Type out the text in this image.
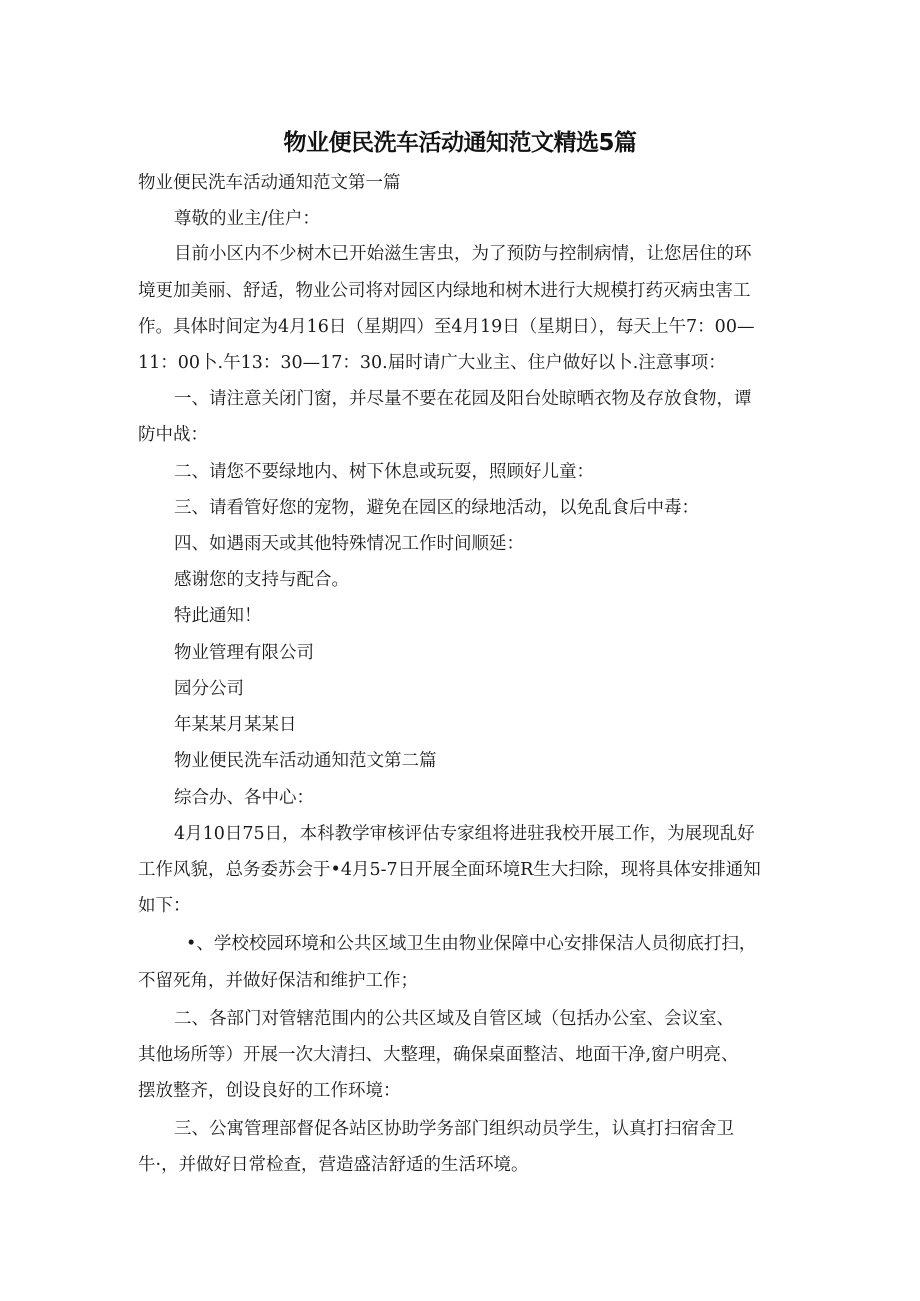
物业便民洗车活动通知范文精选5篇
物业便民洗车活动通知范文第一篇
尊敬的业主/住户：
目前小区内不少树木已开始滋生害虫，为了预防与控制病情，让您居住的环
境更加美丽、舒适，物业公司将对园区内绿地和树木进行大规模打药灭病虫害工
作。具体时间定为4月16日（星期四）至4月19日（星期日），每天上午7：00—
11：00卜.午13：30—17：30.届时请广大业主、住户做好以卜.注意事项：
一、请注意关闭门窗，并尽量不要在花园及阳台处晾晒衣物及存放食物，谭
防中战：
二、请您不要绿地内、树下休息或玩耍，照顾好儿童：
三、请看管好您的宠物，避免在园区的绿地活动，以免乱食后中毒：
四、如遇雨天或其他特殊情况工作时间顺延：
感谢您的支持与配合。
特此通知！
物业管理有限公司
园分公司
年某某月某某日
物业便民洗车活动通知范文第二篇
综合办、各中心：
4月10日75日，本科教学审核评估专家组将进驻我校开展工作，为展现乱好
工作风貌，总务委苏会于•4月5-7日开展全面环境R生大扫除，现将具体安排通知
如下：
•、学校校园环境和公共区域卫生由物业保障中心安排保洁人员彻底打扫，
不留死角，并做好保洁和维护工作；
二、各部门对管辖范围内的公共区域及自管区域（包括办公室、会议室、
其他场所等）开展一次大清扫、大整理，确保桌面整洁、地面干净,窗户明亮、
摆放整齐，创设良好的工作环境：
三、公寓管理部督促各站区协助学务部门组织动员学生，认真打扫宿舍卫
牛·，并做好日常检查，营造盛洁舒适的生活环境。
